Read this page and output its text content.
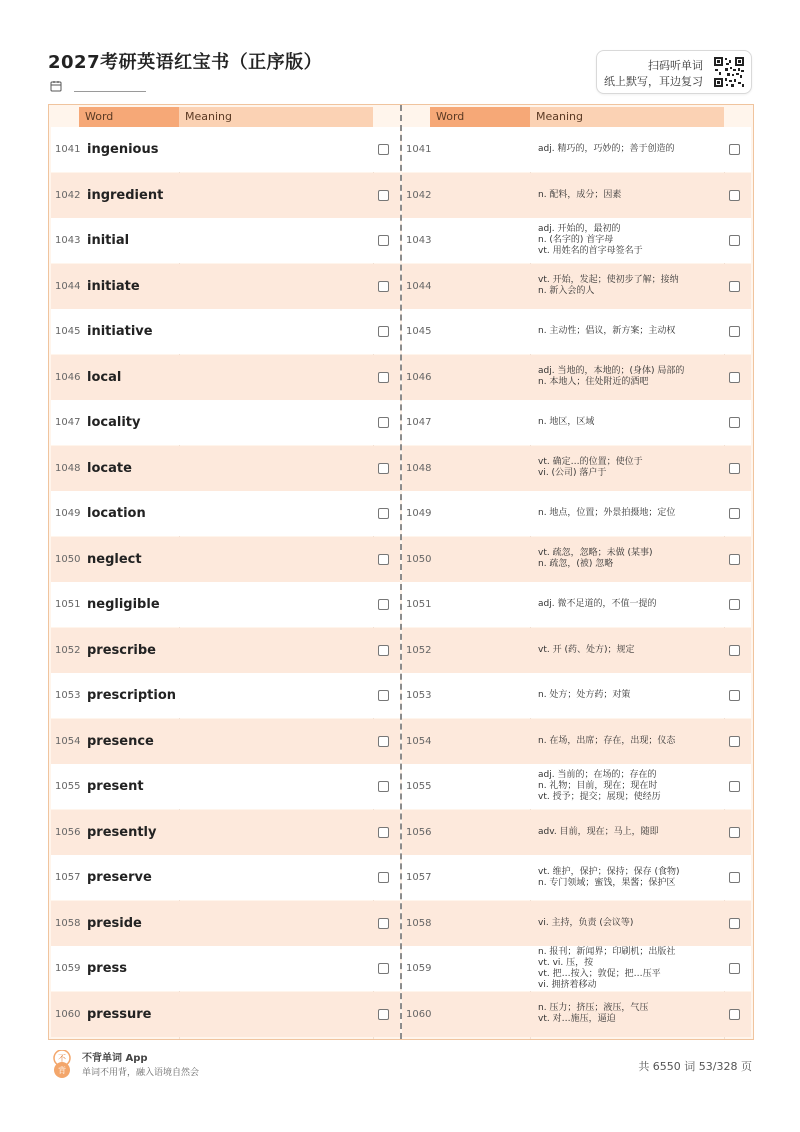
2027考研英语红宝书（正序版）	扫码听单词
纸上默写，耳边复习
Word	Meaning
1041 ingenious
1042 ingredient
1043 initial
1044 initiate
1045 initiative
1046 local
1047 locality
1048 locate
1049 location
1050 neglect
1051 negligible
1052 prescribe
1053 prescription
1054 presence
1055 present
1056 presently
1057 preserve
1058 preside
1059 press
1060 pressure
Word	Meaning
1041	adj. 精巧的，巧妙的；善于创造的
1042	n. 配料，成分；因素
1043
adj. 开始的，最初的
n. (名字的) 首字母
vt. 用姓名的首字母签名于
1044
vt. 开始，发起；使初步了解；接纳
n. 新入会的人
1045	n. 主动性；倡议，新方案；主动权
1046
adj. 当地的，本地的；(身体) 局部的
n. 本地人；住处附近的酒吧
1047	n. 地区，区域
1048
vt. 确定…的位置；使位于
vi. (公司) 落户于
1049	n. 地点，位置；外景拍摄地；定位
1050
vt. 疏忽，忽略；未做 (某事)
n. 疏忽，(被) 忽略
1051	adj. 微不足道的，不值一提的
1052	vt. 开 (药、处方)；规定
1053	n. 处方；处方药；对策
1054	n. 在场，出席；存在，出现；仪态
1055
adj. 当前的；在场的；存在的
n. 礼物；目前，现在；现在时
vt. 授予；提交；展现；使经历
1056	adv. 目前，现在；马上，随即
1057
vt. 维护，保护；保持；保存 (食物)
n. 专门领域；蜜饯，果酱；保护区
1058	vi. 主持，负责 (会议等)
1059
n. 报刊；新闻界；印刷机；出版社
vt. vi. 压，按
vt. 把…按入；敦促；把…压平
vi. 拥挤着移动
1060
n. 压力；挤压；液压，气压
vt. 对…施压，逼迫
不
背
不背单词 App
单词不用背，融入语境自然会	共 6550 词 53/328 页
